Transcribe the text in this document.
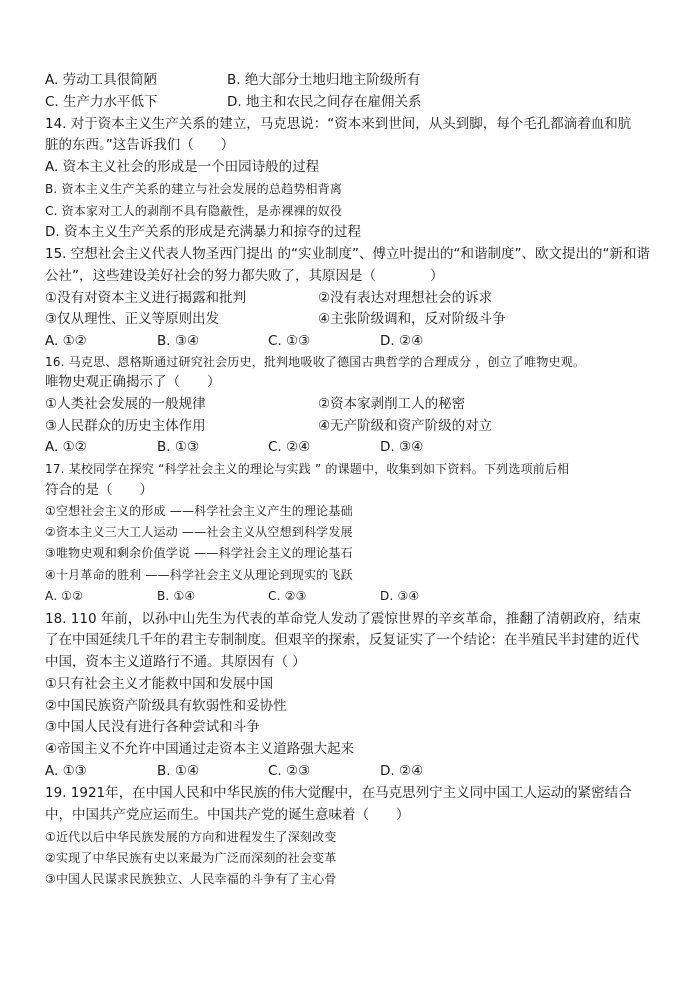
A. 劳动工具很简陋	B. 绝大部分土地归地主阶级所有
C. 生产力水平低下	D. 地主和农民之间存在雇佣关系
14. 对于资本主义生产关系的建立，马克思说：“资本来到世间，从头到脚，每个毛孔都滴着血和肮
脏的东西。”这告诉我们（　　）
A. 资本主义社会的形成是一个田园诗般的过程
B. 资本主义生产关系的建立与社会发展的总趋势相背离
C. 资本家对工人的剥削不具有隐蔽性，是赤裸裸的奴役
D. 资本主义生产关系的形成是充满暴力和掠夺的过程
15. 空想社会主义代表人物圣西门提出 的“实业制度”、傅立叶提出的“和谐制度”、欧文提出的“新和谐
公社”，这些建设美好社会的努力都失败了，其原因是（　　　　）
①没有对资本主义进行揭露和批判	②没有表达对理想社会的诉求
③仅从理性、正义等原则出发	④主张阶级调和，反对阶级斗争
A. ①②	B. ③④	C. ①③	D. ②④
16. 马克思、恩格斯通过研究社会历史，批判地吸收了德国古典哲学的合理成分 ，创立了唯物史观。
唯物史观正确揭示了（　　）
①人类社会发展的一般规律	②资本家剥削工人的秘密
③人民群众的历史主体作用	④无产阶级和资产阶级的对立
A. ①②	B. ①③	C. ②④	D. ③④
17. 某校同学在探究 “科学社会主义的理论与实践 ” 的课题中，收集到如下资料。下列选项前后相
符合的是（　　）
①空想社会主义的形成 ——科学社会主义产生的理论基础
②资本主义三大工人运动 ——社会主义从空想到科学发展
③唯物史观和剩余价值学说 ——科学社会主义的理论基石
④十月革命的胜利 ——科学社会主义从理论到现实的飞跃
A. ①②	B. ①④	C. ②③	D. ③④
18. 110 年前，以孙中山先生为代表的革命党人发动了震惊世界的辛亥革命，推翻了清朝政府，结束
了在中国延续几千年的君主专制制度。但艰辛的探索，反复证实了一个结论：在半殖民半封建的近代
中国，资本主义道路行不通。其原因有（ ）
①只有社会主义才能救中国和发展中国
②中国民族资产阶级具有软弱性和妥协性
③中国人民没有进行各种尝试和斗争
④帝国主义不允许中国通过走资本主义道路强大起来
A. ①③	B. ①④	C. ②③	D. ②④
19. 1921年，在中国人民和中华民族的伟大觉醒中，在马克思列宁主义同中国工人运动的紧密结合
中，中国共产党应运而生。中国共产党的诞生意味着（　　）
①近代以后中华民族发展的方向和进程发生了深刻改变
②实现了中华民族有史以来最为广泛而深刻的社会变革
③中国人民谋求民族独立、人民幸福的斗争有了主心骨
